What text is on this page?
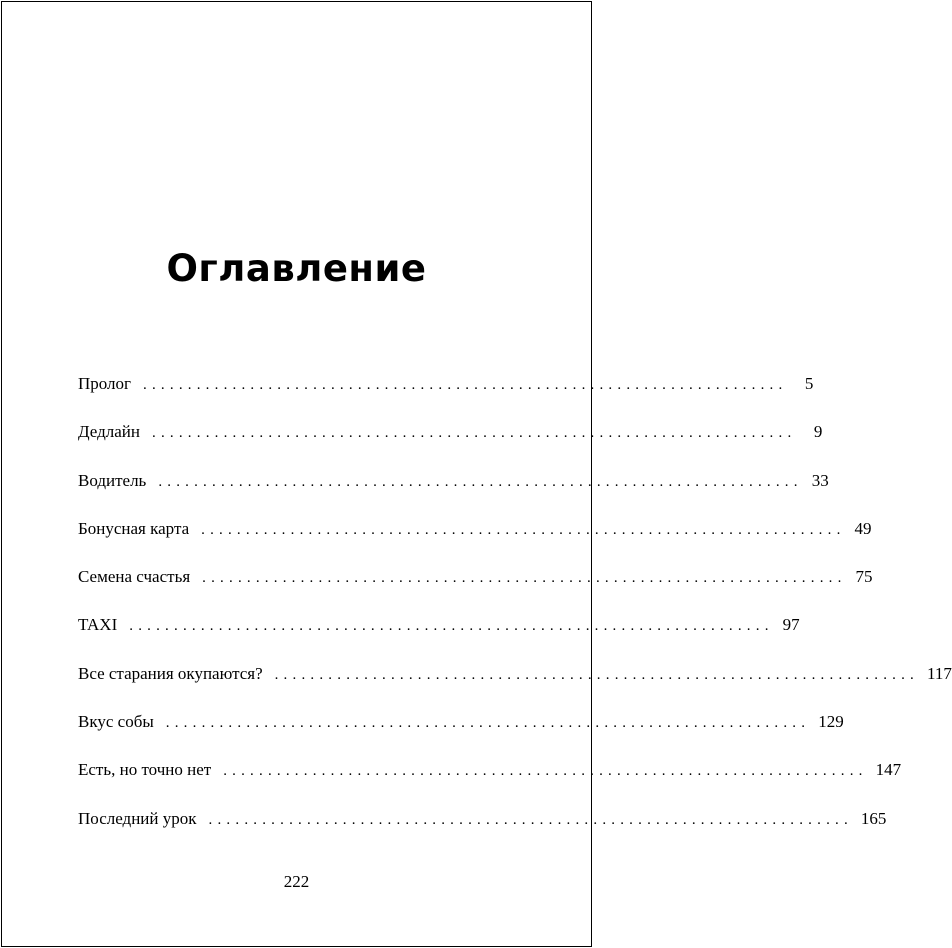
Оглавление
Пролог ........................................................................	5
Дедлайн ........................................................................	9
Водитель ........................................................................ 33
Бонусная карта ........................................................................ 49
Семена счастья ........................................................................ 75
TAXI ........................................................................ 97
Все старания окупаются? ........................................................................ 117
Вкус собы ........................................................................ 129
Есть, но точно нет ........................................................................ 147
Последний урок ........................................................................ 165
222
